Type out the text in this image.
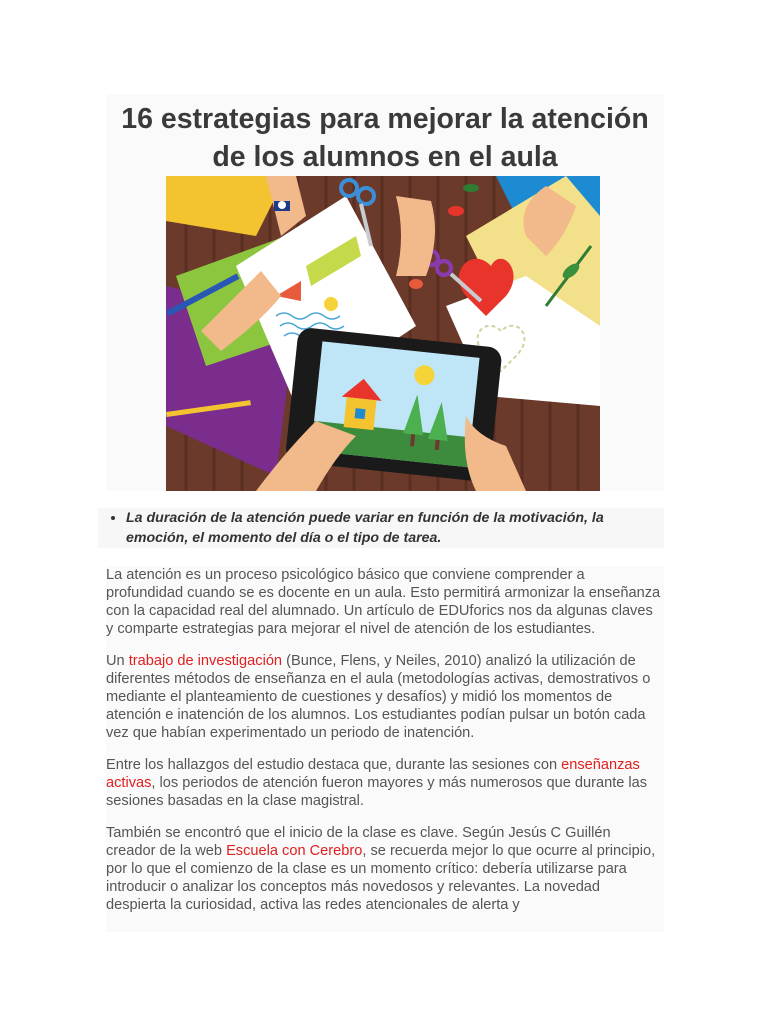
16 estrategias para mejorar la atención
de los alumnos en el aula
• La duración de la atención puede variar en función de la motivación, la emoción, el momento del día o el tipo de tarea.

La atención es un proceso psicológico básico que conviene comprender a profundidad cuando se es docente en un aula. Esto permitirá armonizar la enseñanza con la capacidad real del alumnado. Un artículo de EDUforics nos da algunas claves y comparte estrategias para mejorar el nivel de atención de los estudiantes.

Un trabajo de investigación (Bunce, Flens, y Neiles, 2010) analizó la utilización de diferentes métodos de enseñanza en el aula (metodologías activas, demostrativos o mediante el planteamiento de cuestiones y desafíos) y midió los momentos de atención e inatención de los alumnos. Los estudiantes podían pulsar un botón cada vez que habían experimentado un periodo de inatención.

Entre los hallazgos del estudio destaca que, durante las sesiones con enseñanzas activas, los periodos de atención fueron mayores y más numerosos que durante las sesiones basadas en la clase magistral.

También se encontró que el inicio de la clase es clave. Según Jesús C Guillén creador de la web Escuela con Cerebro, se recuerda mejor lo que ocurre al principio, por lo que el comienzo de la clase es un momento crítico: debería utilizarse para introducir o analizar los conceptos más novedosos y relevantes. La novedad despierta la curiosidad, activa las redes atencionales de alerta y
